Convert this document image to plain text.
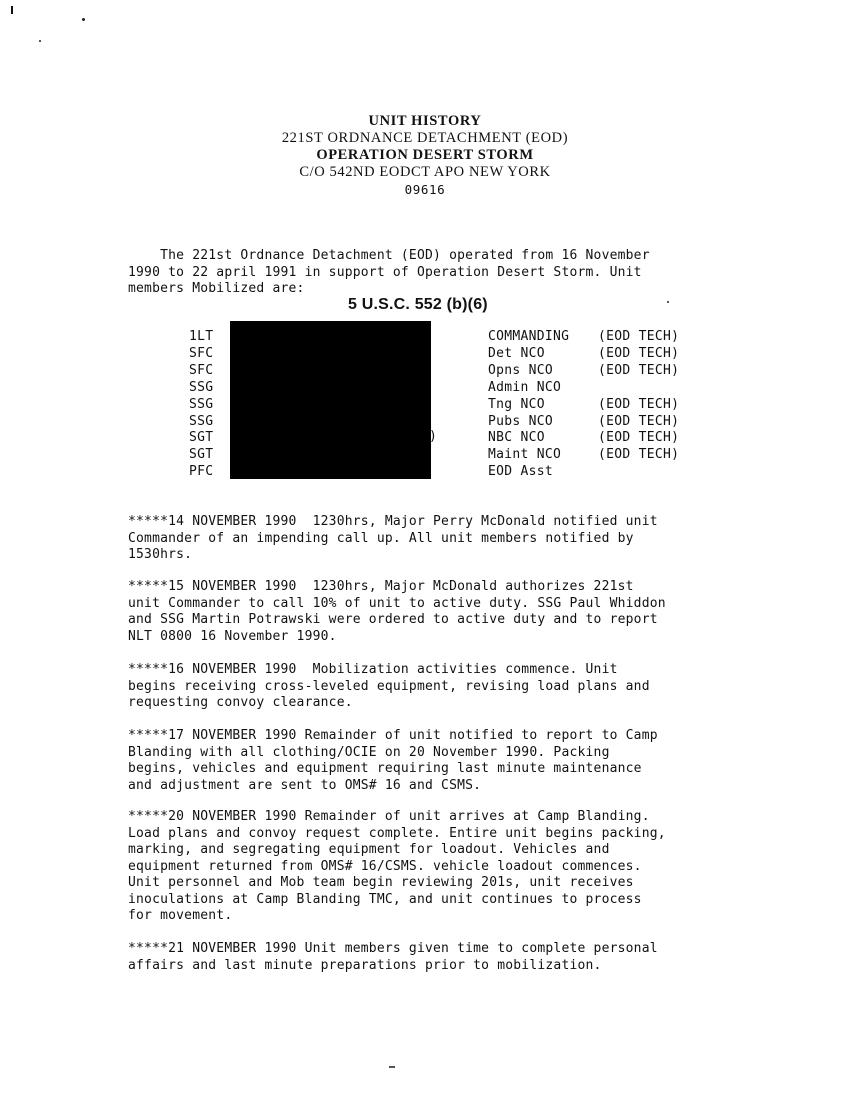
UNIT HISTORY
221ST ORDNANCE DETACHMENT (EOD)
OPERATION DESERT STORM
C/O 542ND EODCT APO NEW YORK
09616
The 221st Ordnance Detachment (EOD) operated from 16 November
1990 to 22 april 1991 in support of Operation Desert Storm. Unit
members Mobilized are:
5 U.S.C. 552 (b)(6)
)
1LT	COMMANDING (EOD TECH)
SFC	Det NCO	(EOD TECH)
SFC	Opns NCO	(EOD TECH)
SSG	Admin NCO
SSG	Tng NCO	(EOD TECH)
SSG	Pubs NCO	(EOD TECH)
SGT	NBC NCO	(EOD TECH)
SGT	Maint NCO	(EOD TECH)
PFC	EOD Asst
*****14 NOVEMBER 1990  1230hrs, Major Perry McDonald notified unit
Commander of an impending call up. All unit members notified by
1530hrs.
*****15 NOVEMBER 1990  1230hrs, Major McDonald authorizes 221st
unit Commander to call 10% of unit to active duty. SSG Paul Whiddon
and SSG Martin Potrawski were ordered to active duty and to report
NLT 0800 16 November 1990.
*****16 NOVEMBER 1990  Mobilization activities commence. Unit
begins receiving cross-leveled equipment, revising load plans and
requesting convoy clearance.
*****17 NOVEMBER 1990 Remainder of unit notified to report to Camp
Blanding with all clothing/OCIE on 20 November 1990. Packing
begins, vehicles and equipment requiring last minute maintenance
and adjustment are sent to OMS# 16 and CSMS.
*****20 NOVEMBER 1990 Remainder of unit arrives at Camp Blanding.
Load plans and convoy request complete. Entire unit begins packing,
marking, and segregating equipment for loadout. Vehicles and
equipment returned from OMS# 16/CSMS. vehicle loadout commences.
Unit personnel and Mob team begin reviewing 201s, unit receives
inoculations at Camp Blanding TMC, and unit continues to process
for movement.
*****21 NOVEMBER 1990 Unit members given time to complete personal
affairs and last minute preparations prior to mobilization.
